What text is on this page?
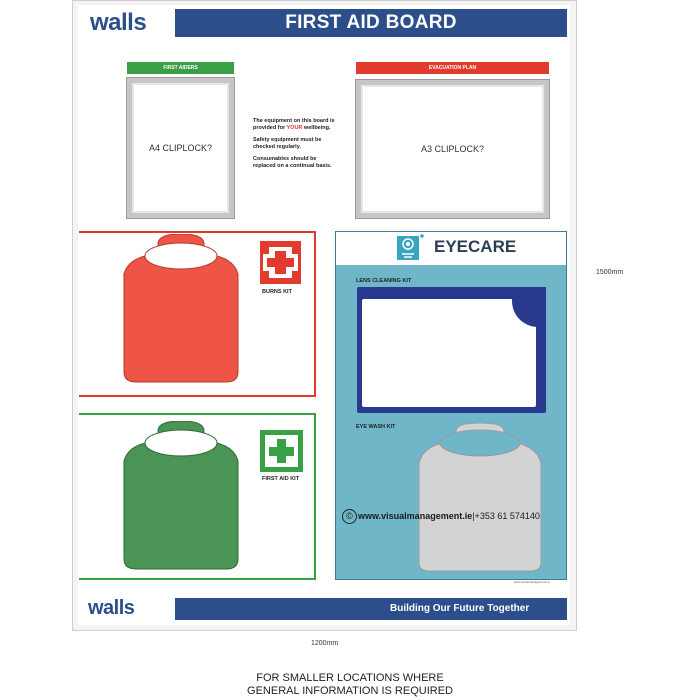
walls	FIRST AID BOARD
FIRST AIDERS
A4 CLIPLOCK?
The equipment on this board is
provided for YOUR wellbeing.
Safety equipment must be
checked regularly.
Consumables should be
replaced on a continual basis.
EVACUATION PLAN
A3 CLIPLOCK?
BURNS KIT
FIRST AID KIT
EYECARE
LENS CLEANING KIT
EYE WASH KIT
© www.visualmanagement.ie|+353 61 574140
www.visualmanagement.ie
walls	Building Our Future Together
1500mm
1200mm
FOR SMALLER LOCATIONS WHERE
GENERAL INFORMATION IS REQUIRED
